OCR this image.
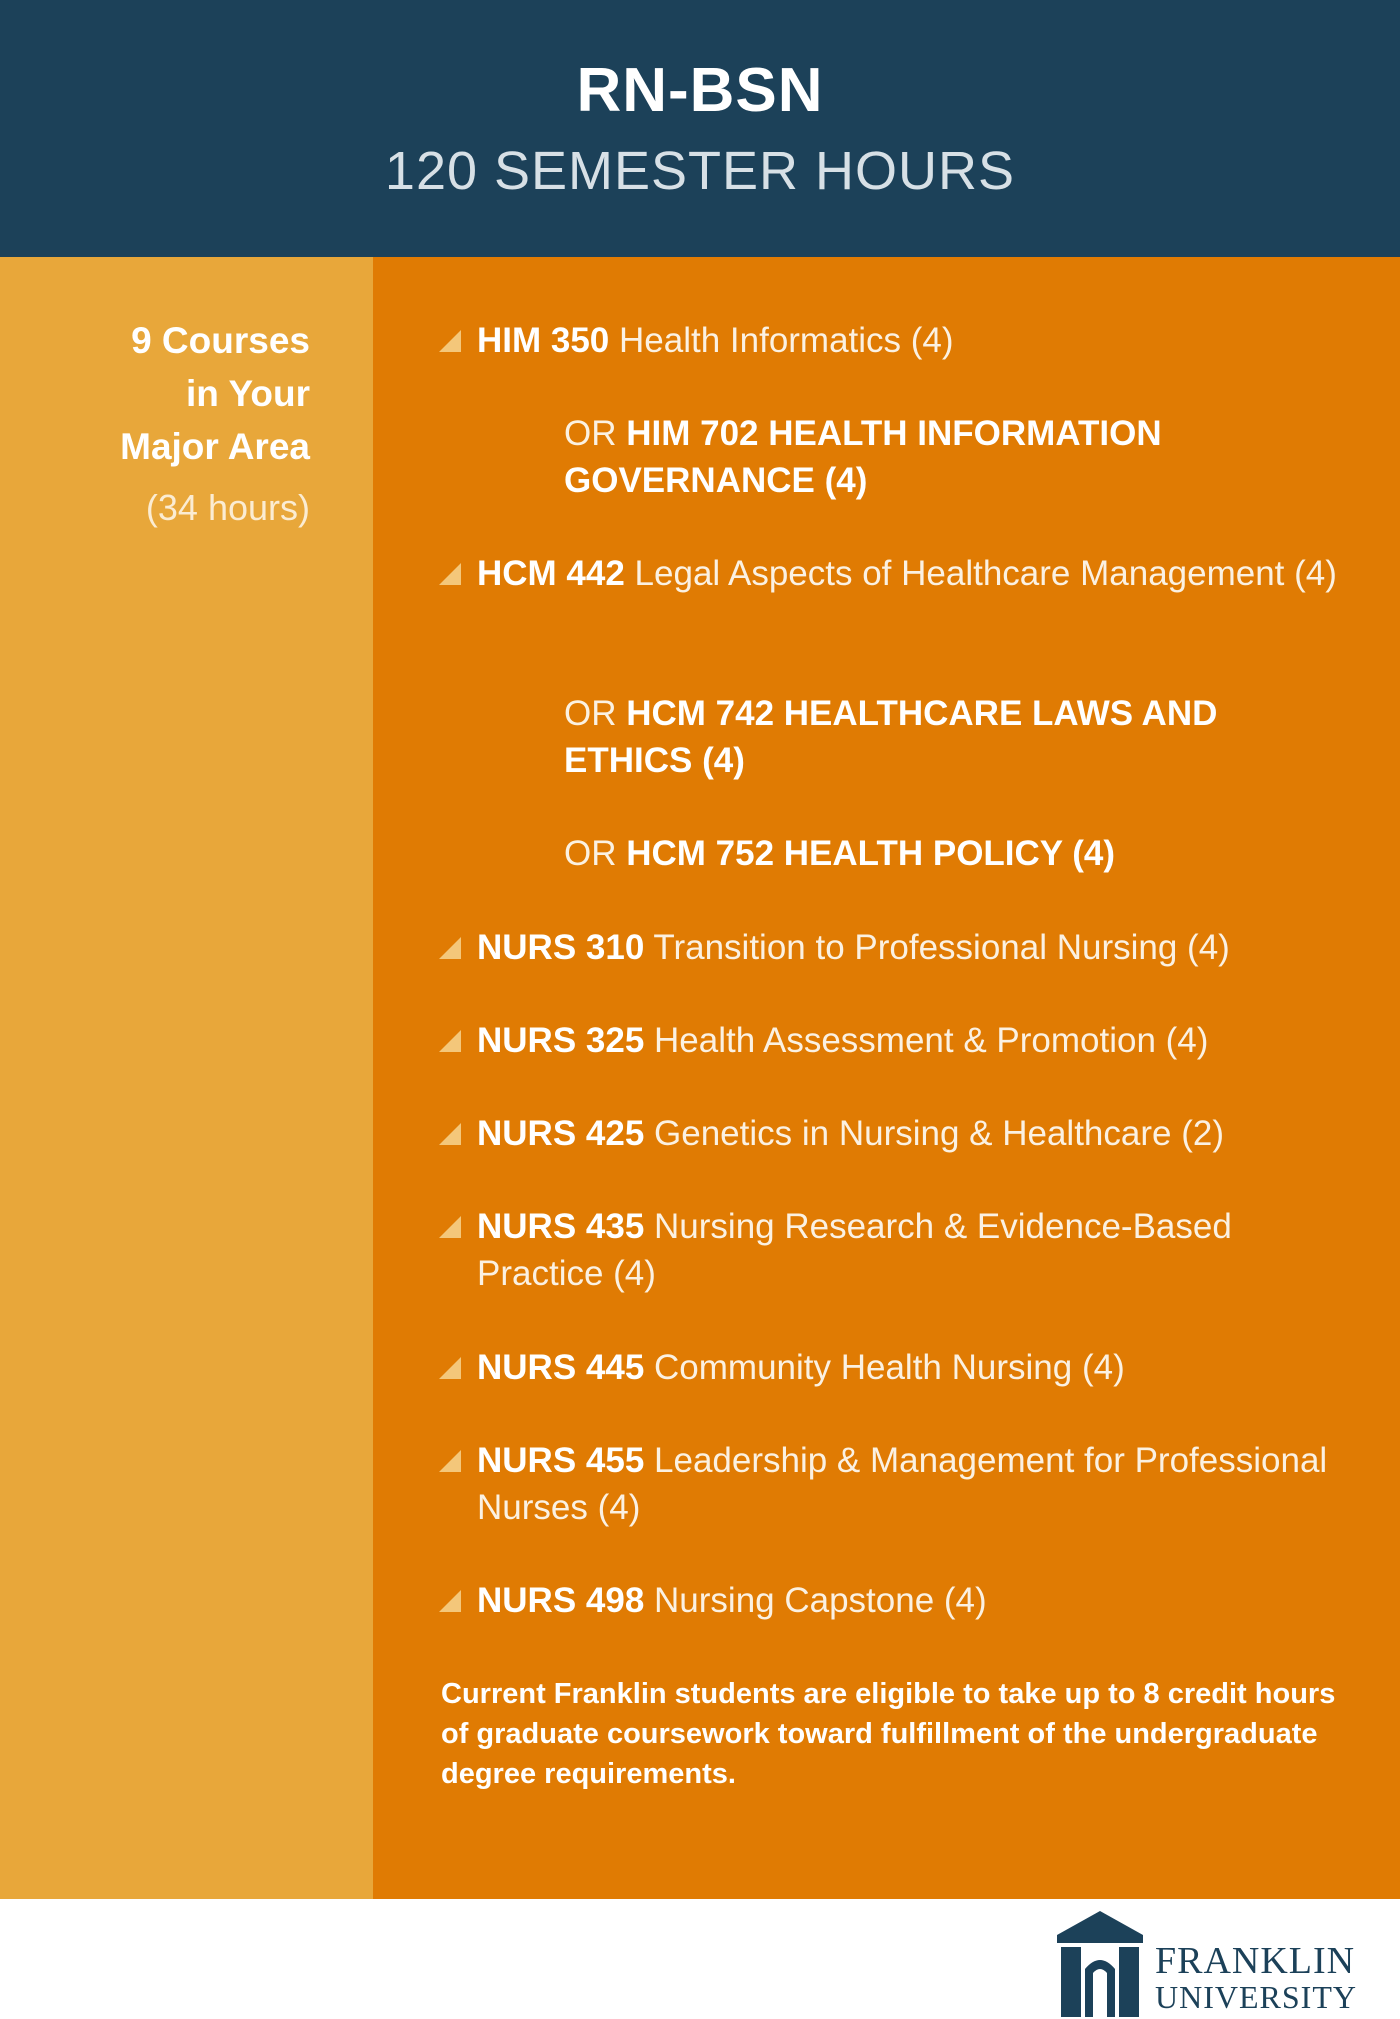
RN-BSN
120 SEMESTER HOURS
9 Courses
in Your
Major Area
(34 hours)
HIM 350 Health Informatics (4)
OR HIM 702 HEALTH INFORMATION GOVERNANCE (4)
HCM 442 Legal Aspects of Healthcare Management (4)
OR HCM 742 HEALTHCARE LAWS AND ETHICS (4)
OR HCM 752 HEALTH POLICY (4)
NURS 310 Transition to Professional Nursing (4)
NURS 325 Health Assessment & Promotion (4)
NURS 425 Genetics in Nursing & Healthcare (2)
NURS 435 Nursing Research & Evidence-Based Practice (4)
NURS 445 Community Health Nursing (4)
NURS 455 Leadership & Management for Professional Nurses (4)
NURS 498 Nursing Capstone (4)
Current Franklin students are eligible to take up to 8 credit hours of graduate coursework toward fulfillment of the undergraduate degree requirements.
FRANKLIN
UNIVERSITY
